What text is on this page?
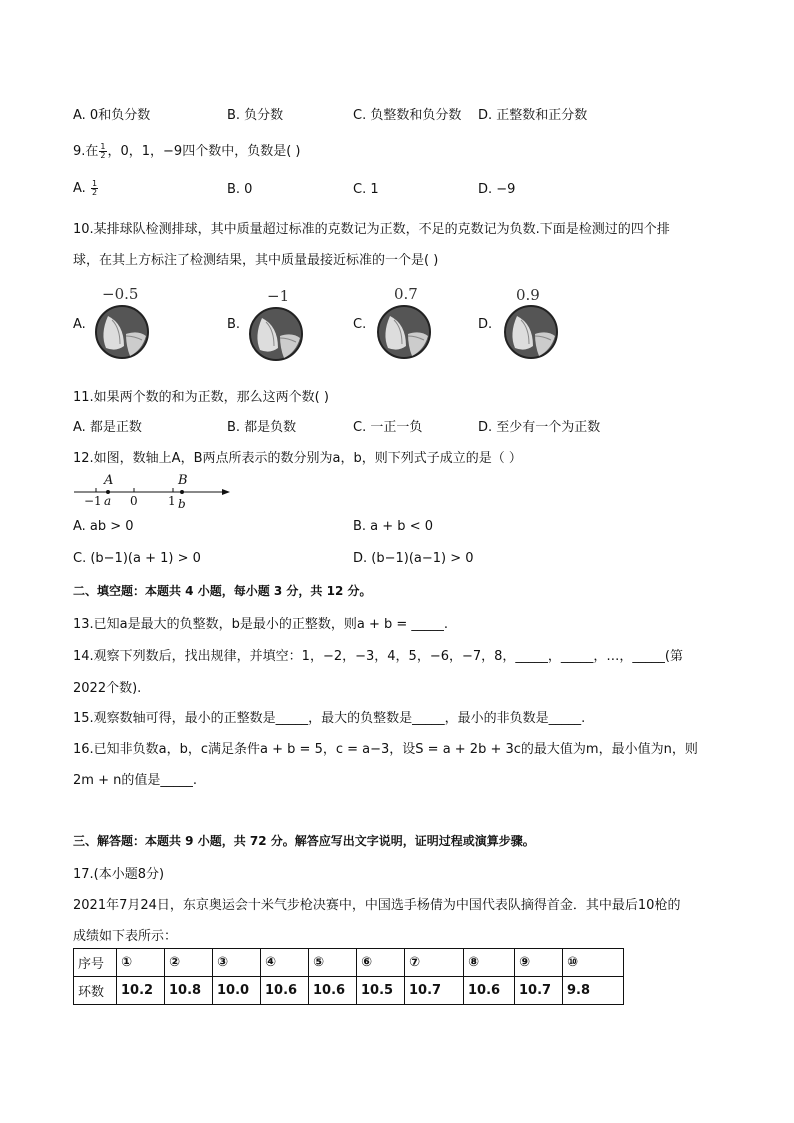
A. 0和负分数	B. 负分数	C. 负整数和负分数 D. 正整数和正分数
9.在 $\frac{1}{2}$ ，0，1，−9四个数中，负数是( )
A. $\frac{1}{2}$	B. 0	C. 1	D. −9
10.某排球队检测排球，其中质量超过标准的克数记为正数，不足的克数记为负数.下面是检测过的四个排
球，在其上方标注了检测结果，其中质量最接近标准的一个是( )
A.
−0.5
B.
−1
C.
0.7
D.
0.9
11.如果两个数的和为正数，那么这两个数( )
A. 都是正数	B. 都是负数	C. 一正一负	D. 至少有一个为正数
12.如图，数轴上A，B两点所表示的数分别为a，b，则下列式子成立的是（ ）
A	B
−1 a 0	1 b
A. ab > 0	B. a + b < 0
C. (b−1)(a + 1) > 0	D. (b−1)(a−1) > 0
二、填空题：本题共 4 小题，每小题 3 分，共 12 分。
13.已知a是最大的负整数，b是最小的正整数，则a + b = _____.
14.观察下列数后，找出规律，并填空：1，−2，−3，4，5，−6，−7，8，_____，_____，…，_____(第
2022个数).
15.观察数轴可得，最小的正整数是_____，最大的负整数是_____，最小的非负数是_____.
16.已知非负数a，b，c满足条件a + b = 5，c = a−3，设S = a + 2b + 3c的最大值为m，最小值为n，则
2m + n的值是_____.
三、解答题：本题共 9 小题，共 72 分。解答应写出文字说明，证明过程或演算步骤。
17.(本小题8分)
2021年7月24日，东京奥运会十米气步枪决赛中，中国选手杨倩为中国代表队摘得首金．其中最后10枪的
成绩如下表所示：
序号	①	②	③	④	⑤	⑥	⑦	⑧	⑨	⑩
环数	10.2	10.8	10.0	10.6	10.6	10.5	10.7	10.6	10.7	9.8
